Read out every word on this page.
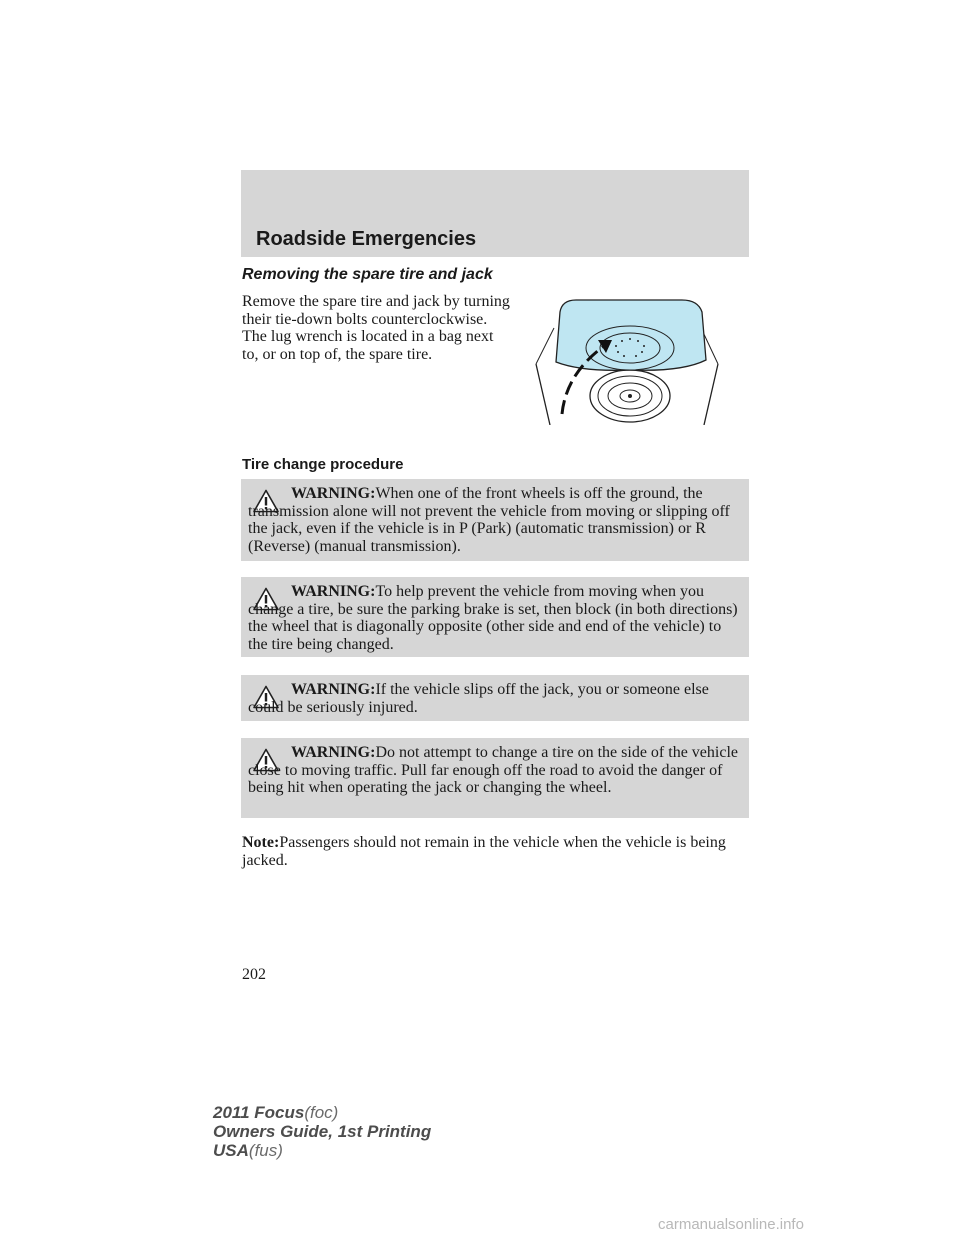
Roadside Emergencies
Removing the spare tire and jack
Remove the spare tire and jack by turning their tie-down bolts counterclockwise. The lug wrench is located in a bag next to, or on top of, the spare tire.
Tire change procedure
WARNING:When one of the front wheels is off the ground, the transmission alone will not prevent the vehicle from moving or slipping off the jack, even if the vehicle is in P (Park) (automatic transmission) or R (Reverse) (manual transmission).
WARNING:To help prevent the vehicle from moving when you change a tire, be sure the parking brake is set, then block (in both directions) the wheel that is diagonally opposite (other side and end of the vehicle) to the tire being changed.
WARNING:If the vehicle slips off the jack, you or someone else could be seriously injured.
WARNING:Do not attempt to change a tire on the side of the vehicle close to moving traffic. Pull far enough off the road to avoid the danger of being hit when operating the jack or changing the wheel.
Note:Passengers should not remain in the vehicle when the vehicle is being jacked.
202
2011 Focus(foc)
Owners Guide, 1st Printing
USA(fus)
carmanualsonline.info
